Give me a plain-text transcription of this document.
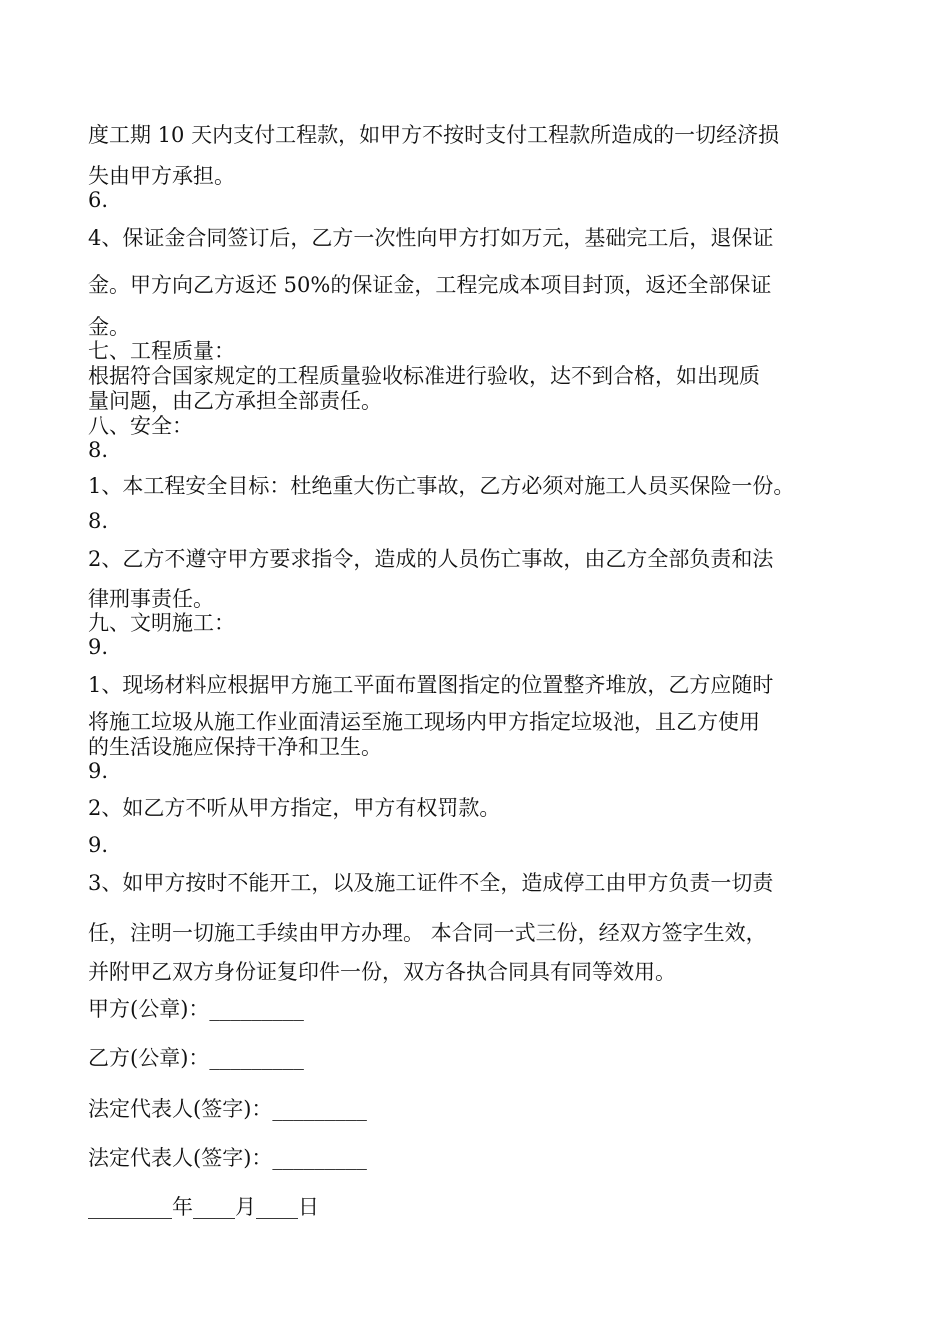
度工期 10 天内支付工程款，如甲方不按时支付工程款所造成的一切经济损
失由甲方承担。
6.
4、保证金合同签订后，乙方一次性向甲方打如万元，基础完工后，退保证
金。甲方向乙方返还 50%的保证金，工程完成本项目封顶，返还全部保证
金。
七、工程质量：
根据符合国家规定的工程质量验收标准进行验收，达不到合格，如出现质
量问题，由乙方承担全部责任。
八、安全：
8.
1、本工程安全目标：杜绝重大伤亡事故，乙方必须对施工人员买保险一份。
8.
2、乙方不遵守甲方要求指令，造成的人员伤亡事故，由乙方全部负责和法
律刑事责任。
九、文明施工：
9.
1、现场材料应根据甲方施工平面布置图指定的位置整齐堆放，乙方应随时
将施工垃圾从施工作业面清运至施工现场内甲方指定垃圾池，且乙方使用
的生活设施应保持干净和卫生。
9.
2、如乙方不听从甲方指定，甲方有权罚款。
9.
3、如甲方按时不能开工，以及施工证件不全，造成停工由甲方负责一切责
任，注明一切施工手续由甲方办理。 本合同一式三份，经双方签字生效，
并附甲乙双方身份证复印件一份，双方各执合同具有同等效用。
甲方(公章)：_________
乙方(公章)：_________
法定代表人(签字)：_________
法定代表人(签字)：_________
________年____月____日
